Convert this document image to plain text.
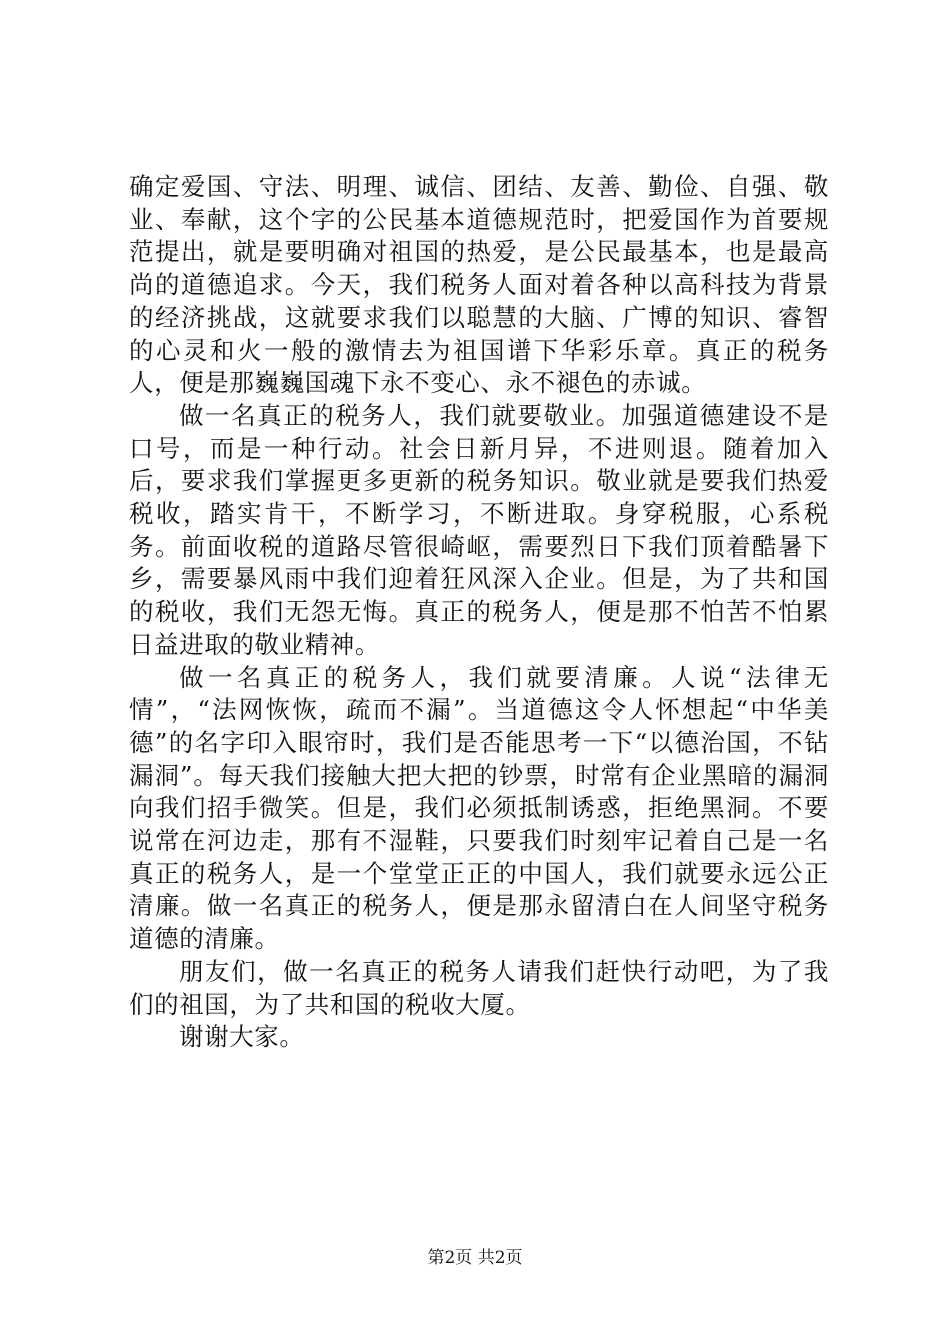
确定爱国、守法、明理、诚信、团结、友善、勤俭、自强、敬业、奉献，这个字的公民基本道德规范时，把爱国作为首要规范提出，就是要明确对祖国的热爱，是公民最基本，也是最高尚的道德追求。今天，我们税务人面对着各种以高科技为背景的经济挑战，这就要求我们以聪慧的大脑、广博的知识、睿智的心灵和火一般的激情去为祖国谱下华彩乐章。真正的税务人，便是那巍巍国魂下永不变心、永不褪色的赤诚。

做一名真正的税务人，我们就要敬业。加强道德建设不是口号，而是一种行动。社会日新月异，不进则退。随着加入后，要求我们掌握更多更新的税务知识。敬业就是要我们热爱税收，踏实肯干，不断学习，不断进取。身穿税服，心系税务。前面收税的道路尽管很崎岖，需要烈日下我们顶着酷暑下乡，需要暴风雨中我们迎着狂风深入企业。但是，为了共和国的税收，我们无怨无悔。真正的税务人，便是那不怕苦不怕累日益进取的敬业精神。

做一名真正的税务人，我们就要清廉。人说“法律无情”，“法网恢恢，疏而不漏”。当道德这令人怀想起“中华美德”的名字印入眼帘时，我们是否能思考一下“以德治国，不钻漏洞”。每天我们接触大把大把的钞票，时常有企业黑暗的漏洞向我们招手微笑。但是，我们必须抵制诱惑，拒绝黑洞。不要说常在河边走，那有不湿鞋，只要我们时刻牢记着自己是一名真正的税务人，是一个堂堂正正的中国人，我们就要永远公正清廉。做一名真正的税务人，便是那永留清白在人间坚守税务道德的清廉。

朋友们，做一名真正的税务人请我们赶快行动吧，为了我们的祖国，为了共和国的税收大厦。

谢谢大家。

第2页 共2页
